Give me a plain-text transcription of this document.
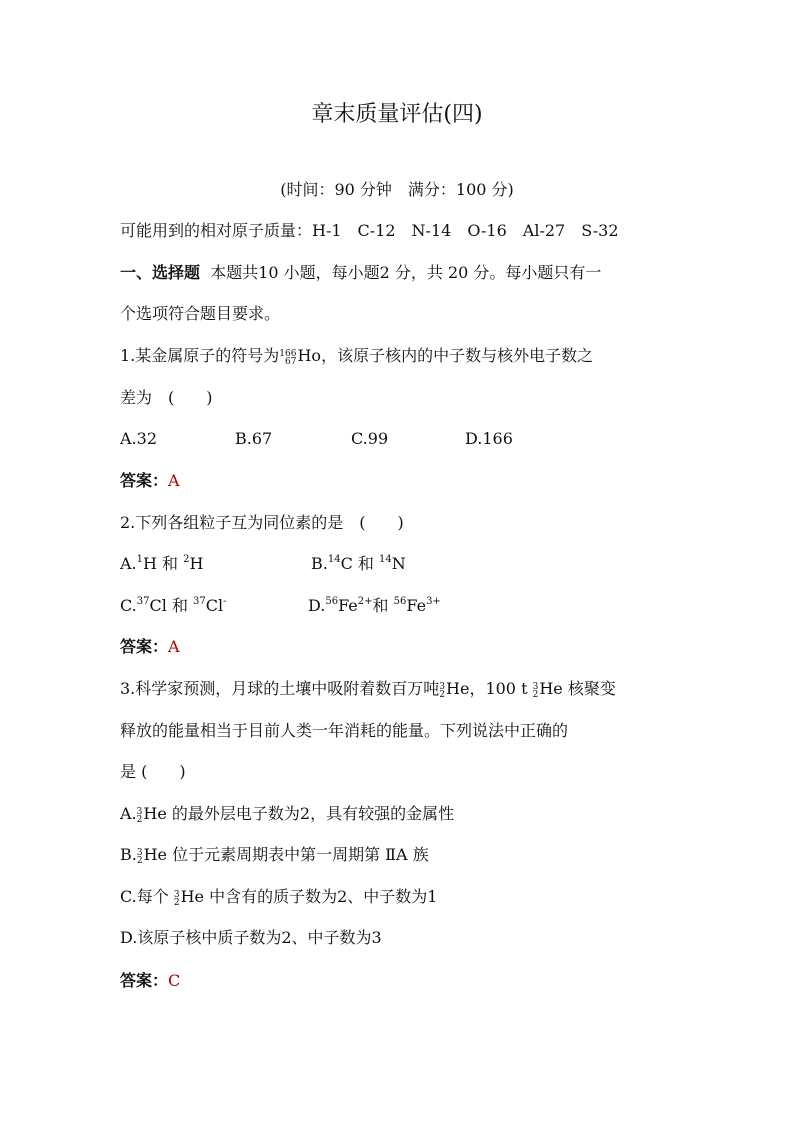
章末质量评估(四)
(时间：90 分钟　满分：100 分)
可能用到的相对原子质量：H-1　C-12　N-14　O-16　Al-27　S-32
一、选择题 本题共10 小题，每小题2 分，共 20 分。每小题只有一
个选项符合题目要求。
1.某金属原子的符号为 166
67 Ho，该原子核内的中子数与核外电子数之
差为　(　　)
A.32	B.67	C.99	D.166
答案：A
2.下列各组粒子互为同位素的是　(　　)
A.$^1$H 和 $^2$H	B.$^{14}$C 和 $^{14}$N
C.$^{37}$Cl 和 $^{37}$Cl-	$D.^{56}Fe^{2+}$和 $^{56}Fe^{3+}$
答案：A
3.科学家预测，月球的土壤中吸附着数百万吨 3
2 He，100 t 3
2 He 核聚变
释放的能量相当于目前人类一年消耗的能量。下列说法中正确的
是 (　　)
A. 3
2 He 的最外层电子数为2，具有较强的金属性
B. 3
2 He 位于元素周期表中第一周期第 ⅡA 族
C.每个 3
2 He 中含有的质子数为2、中子数为1
D.该原子核中质子数为2、中子数为3
答案：C
